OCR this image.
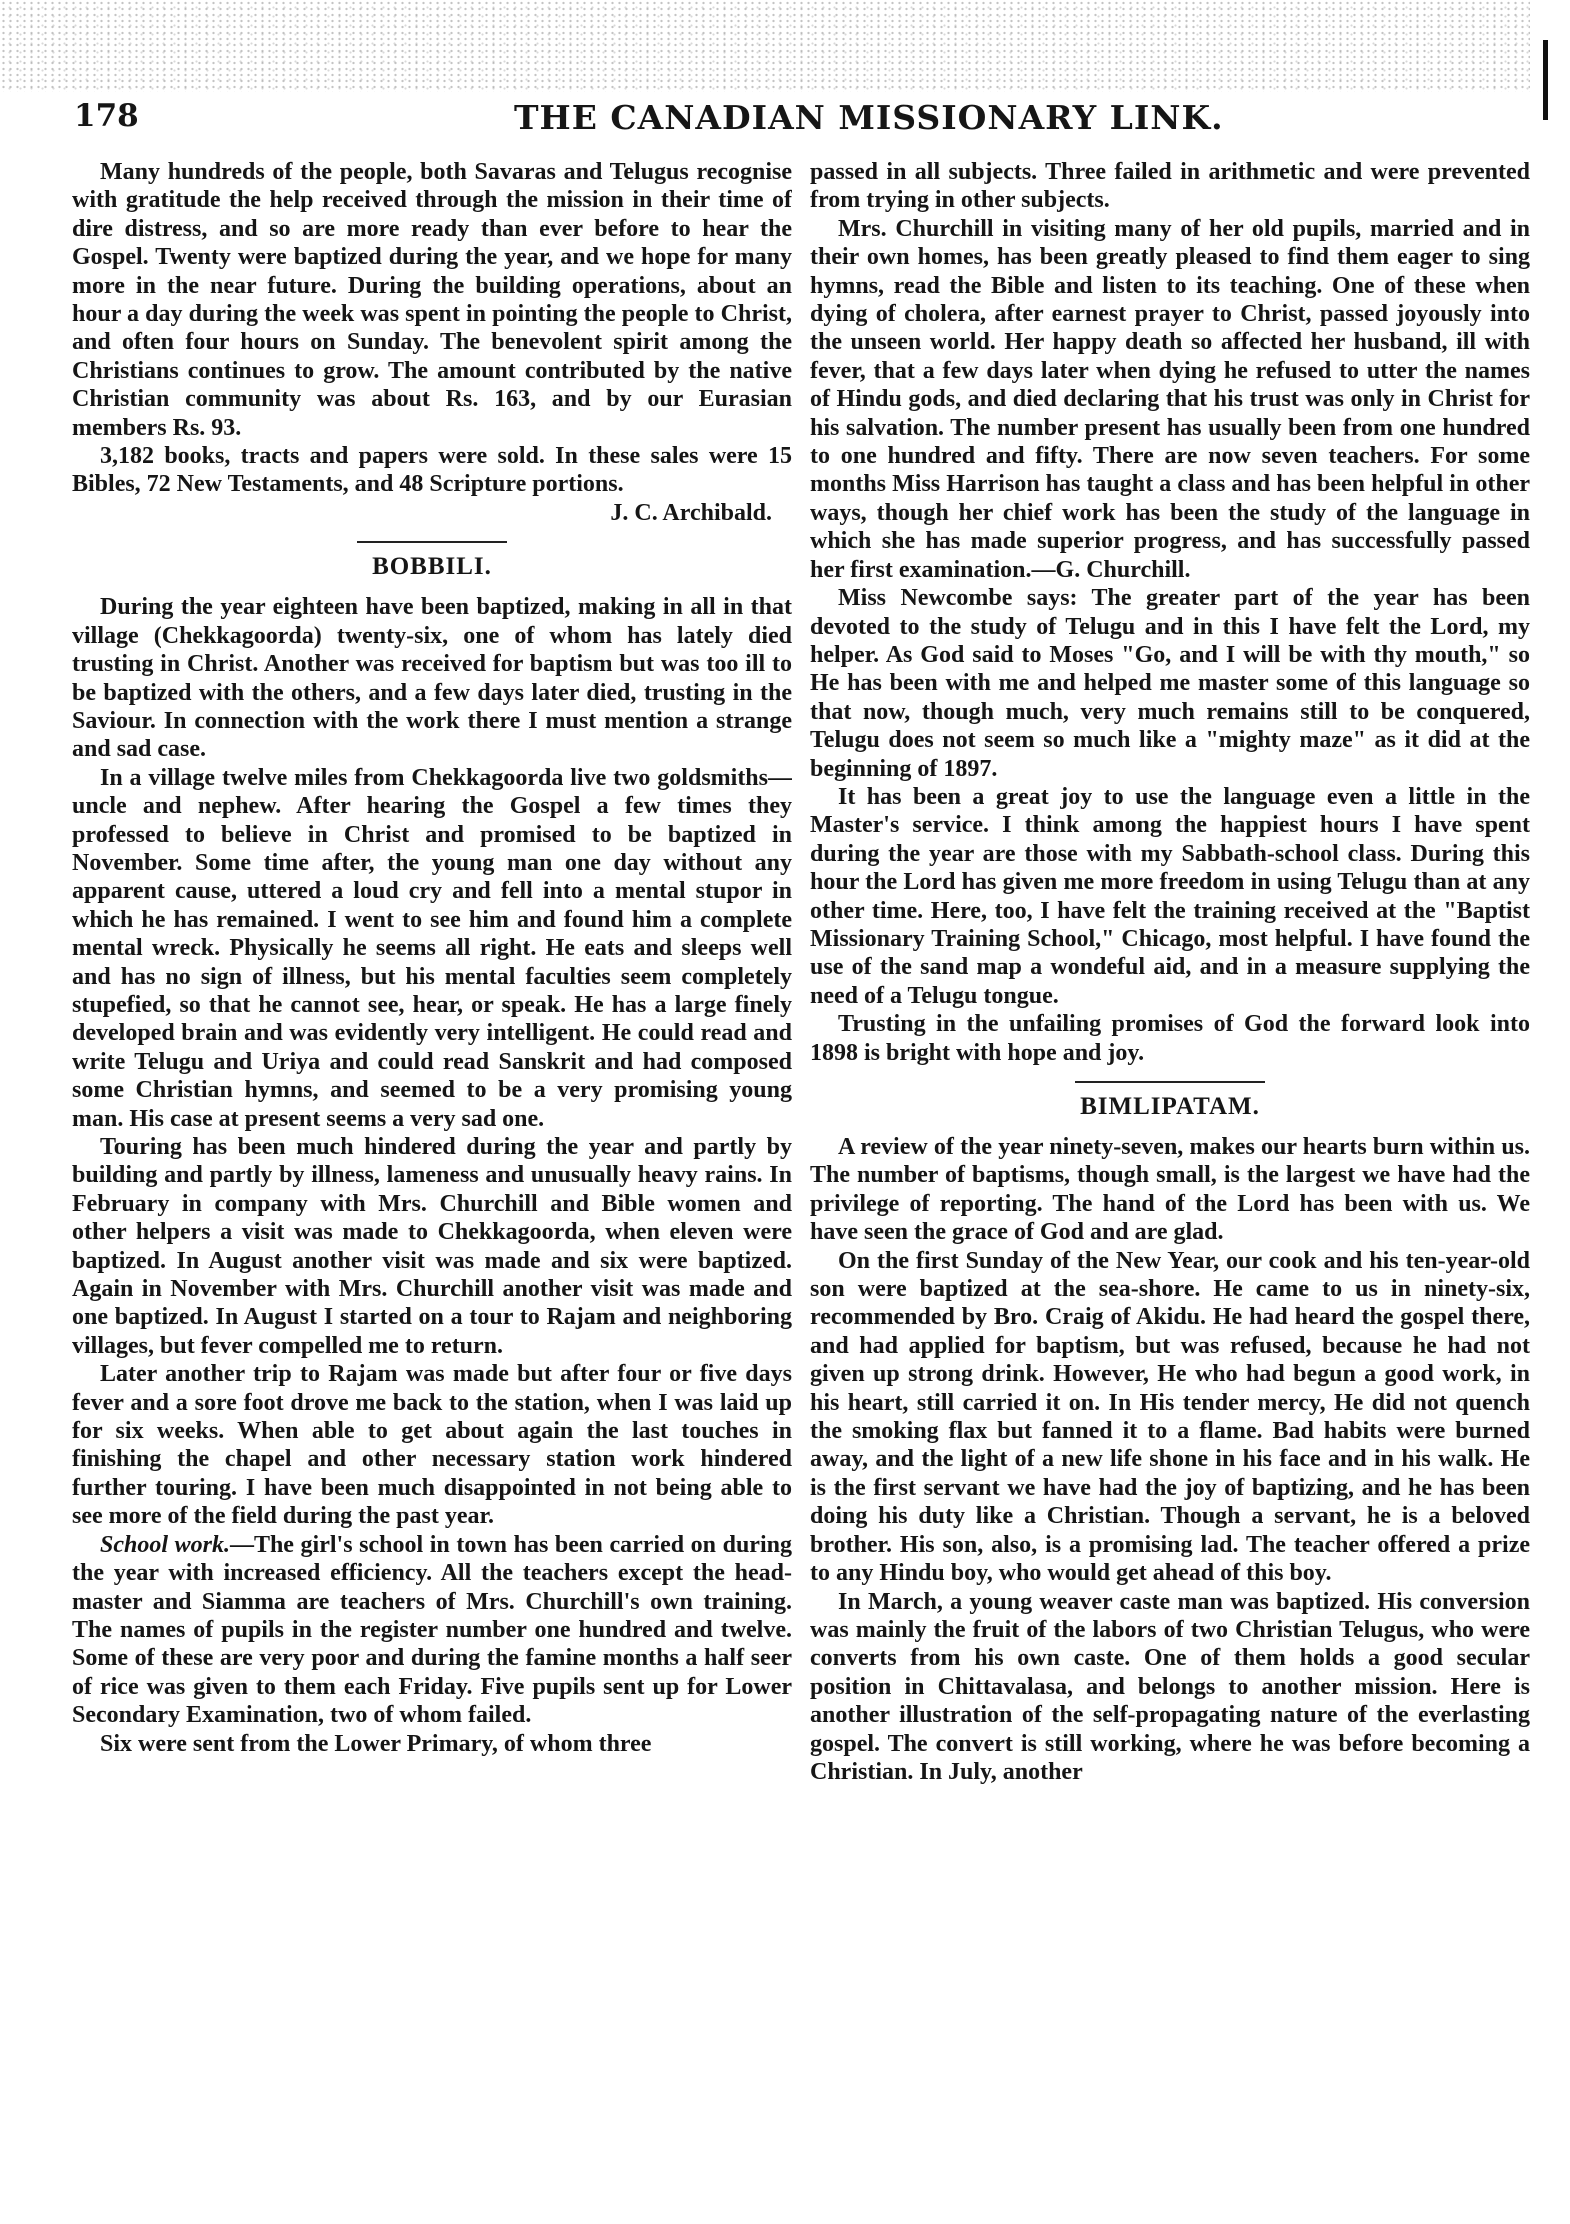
178	THE CANADIAN MISSIONARY LINK.

Many hundreds of the people, both Savaras and Telugus recognise with gratitude the help received through the mission in their time of dire distress, and so are more ready than ever before to hear the Gospel. Twenty were baptized during the year, and we hope for many more in the near future. During the building operations, about an hour a day during the week was spent in pointing the people to Christ, and often four hours on Sunday. The benevolent spirit among the Christians continues to grow. The amount contributed by the native Christian community was about Rs. 163, and by our Eurasian members Rs. 93.

3,182 books, tracts and papers were sold. In these sales were 15 Bibles, 72 New Testaments, and 48 Scripture portions.

J. C. Archibald.
BOBBILI.

During the year eighteen have been baptized, making in all in that village (Chekkagoorda) twenty-six, one of whom has lately died trusting in Christ. Another was received for baptism but was too ill to be baptized with the others, and a few days later died, trusting in the Saviour. In connection with the work there I must mention a strange and sad case.

In a village twelve miles from Chekkagoorda live two goldsmiths—uncle and nephew. After hearing the Gospel a few times they professed to believe in Christ and promised to be baptized in November. Some time after, the young man one day without any apparent cause, uttered a loud cry and fell into a mental stupor in which he has remained. I went to see him and found him a complete mental wreck. Physically he seems all right. He eats and sleeps well and has no sign of illness, but his mental faculties seem completely stupefied, so that he cannot see, hear, or speak. He has a large finely developed brain and was evidently very intelligent. He could read and write Telugu and Uriya and could read Sanskrit and had composed some Christian hymns, and seemed to be a very promising young man. His case at present seems a very sad one.

Touring has been much hindered during the year and partly by building and partly by illness, lameness and unusually heavy rains. In February in company with Mrs. Churchill and Bible women and other helpers a visit was made to Chekkagoorda, when eleven were baptized. In August another visit was made and six were baptized. Again in November with Mrs. Churchill another visit was made and one baptized. In August I started on a tour to Rajam and neighboring villages, but fever compelled me to return.

Later another trip to Rajam was made but after four or five days fever and a sore foot drove me back to the station, when I was laid up for six weeks. When able to get about again the last touches in finishing the chapel and other necessary station work hindered further touring. I have been much disappointed in not being able to see more of the field during the past year.

School work.—The girl's school in town has been carried on during the year with increased efficiency. All the teachers except the head-master and Siamma are teachers of Mrs. Churchill's own training. The names of pupils in the register number one hundred and twelve. Some of these are very poor and during the famine months a half seer of rice was given to them each Friday. Five pupils sent up for Lower Secondary Examination, two of whom failed.

Six were sent from the Lower Primary, of whom three

passed in all subjects. Three failed in arithmetic and were prevented from trying in other subjects.

Mrs. Churchill in visiting many of her old pupils, married and in their own homes, has been greatly pleased to find them eager to sing hymns, read the Bible and listen to its teaching. One of these when dying of cholera, after earnest prayer to Christ, passed joyously into the unseen world. Her happy death so affected her husband, ill with fever, that a few days later when dying he refused to utter the names of Hindu gods, and died declaring that his trust was only in Christ for his salvation. The number present has usually been from one hundred to one hundred and fifty. There are now seven teachers. For some months Miss Harrison has taught a class and has been helpful in other ways, though her chief work has been the study of the language in which she has made superior progress, and has successfully passed her first examination.—G. Churchill.

Miss Newcombe says: The greater part of the year has been devoted to the study of Telugu and in this I have felt the Lord, my helper. As God said to Moses "Go, and I will be with thy mouth," so He has been with me and helped me master some of this language so that now, though much, very much remains still to be conquered, Telugu does not seem so much like a "mighty maze" as it did at the beginning of 1897.

It has been a great joy to use the language even a little in the Master's service. I think among the happiest hours I have spent during the year are those with my Sabbath-school class. During this hour the Lord has given me more freedom in using Telugu than at any other time. Here, too, I have felt the training received at the "Baptist Missionary Training School," Chicago, most helpful. I have found the use of the sand map a wondeful aid, and in a measure supplying the need of a Telugu tongue.

Trusting in the unfailing promises of God the forward look into 1898 is bright with hope and joy.

BIMLIPATAM.

A review of the year ninety-seven, makes our hearts burn within us. The number of baptisms, though small, is the largest we have had the privilege of reporting. The hand of the Lord has been with us. We have seen the grace of God and are glad.

On the first Sunday of the New Year, our cook and his ten-year-old son were baptized at the sea-shore. He came to us in ninety-six, recommended by Bro. Craig of Akidu. He had heard the gospel there, and had applied for baptism, but was refused, because he had not given up strong drink. However, He who had begun a good work, in his heart, still carried it on. In His tender mercy, He did not quench the smoking flax but fanned it to a flame. Bad habits were burned away, and the light of a new life shone in his face and in his walk. He is the first servant we have had the joy of baptizing, and he has been doing his duty like a Christian. Though a servant, he is a beloved brother. His son, also, is a promising lad. The teacher offered a prize to any Hindu boy, who would get ahead of this boy.

In March, a young weaver caste man was baptized. His conversion was mainly the fruit of the labors of two Christian Telugus, who were converts from his own caste. One of them holds a good secular position in Chittavalasa, and belongs to another mission. Here is another illustration of the self-propagating nature of the everlasting gospel. The convert is still working, where he was before becoming a Christian. In July, another
